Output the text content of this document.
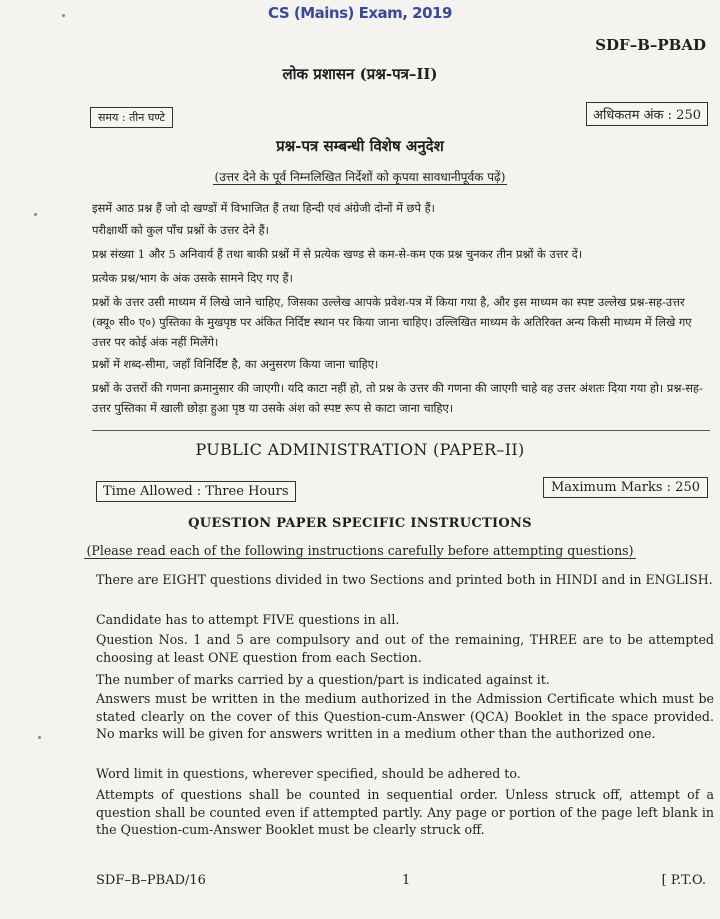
CS (Mains) Exam, 2019
SDF–B–PBAD
लोक प्रशासन (प्रश्न-पत्र–II)
समय : तीन घण्टे	अधिकतम अंक : 250
प्रश्न-पत्र सम्बन्धी विशेष अनुदेश
(उत्तर देने के पूर्व निम्नलिखित निर्देशों को कृपया सावधानीपूर्वक पढ़ें)
इसमें आठ प्रश्न हैं जो दो खण्डों में विभाजित हैं तथा हिन्दी एवं अंग्रेजी दोनों में छपे हैं।
परीक्षार्थी को कुल पाँच प्रश्नों के उत्तर देने हैं।
प्रश्न संख्या 1 और 5 अनिवार्य हैं तथा बाकी प्रश्नों में से प्रत्येक खण्ड से कम-से-कम एक प्रश्न चुनकर तीन प्रश्नों के उत्तर दें।
प्रत्येक प्रश्न/भाग के अंक उसके सामने दिए गए हैं।
प्रश्नों के उत्तर उसी माध्यम में लिखे जाने चाहिए, जिसका उल्लेख आपके प्रवेश-पत्र में किया गया है, और इस माध्यम का स्पष्ट उल्लेख प्रश्न-सह-उत्तर (क्यू० सी० ए०) पुस्तिका के मुखपृष्ठ पर अंकित निर्दिष्ट स्थान पर किया जाना चाहिए। उल्लिखित माध्यम के अतिरिक्त अन्य किसी माध्यम में लिखे गए उत्तर पर कोई अंक नहीं मिलेंगे।
प्रश्नों में शब्द-सीमा, जहाँ विनिर्दिष्ट है, का अनुसरण किया जाना चाहिए।
प्रश्नों के उत्तरों की गणना क्रमानुसार की जाएगी। यदि काटा नहीं हो, तो प्रश्न के उत्तर की गणना की जाएगी चाहे वह उत्तर अंशतः दिया गया हो। प्रश्न-सह-उत्तर पुस्तिका में खाली छोड़ा हुआ पृष्ठ या उसके अंश को स्पष्ट रूप से काटा जाना चाहिए।
PUBLIC ADMINISTRATION (PAPER–II)
Time Allowed : Three Hours	Maximum Marks : 250
QUESTION PAPER SPECIFIC INSTRUCTIONS
(Please read each of the following instructions carefully before attempting questions)
There are EIGHT questions divided in two Sections and printed both in HINDI and in ENGLISH.
Candidate has to attempt FIVE questions in all.
Question Nos. 1 and 5 are compulsory and out of the remaining, THREE are to be attempted choosing at least ONE question from each Section.
The number of marks carried by a question/part is indicated against it.
Answers must be written in the medium authorized in the Admission Certificate which must be stated clearly on the cover of this Question-cum-Answer (QCA) Booklet in the space provided. No marks will be given for answers written in a medium other than the authorized one.
Word limit in questions, wherever specified, should be adhered to.
Attempts of questions shall be counted in sequential order. Unless struck off, attempt of a question shall be counted even if attempted partly. Any page or portion of the page left blank in the Question-cum-Answer Booklet must be clearly struck off.
SDF–B–PBAD/16	1	[ P.T.O.
